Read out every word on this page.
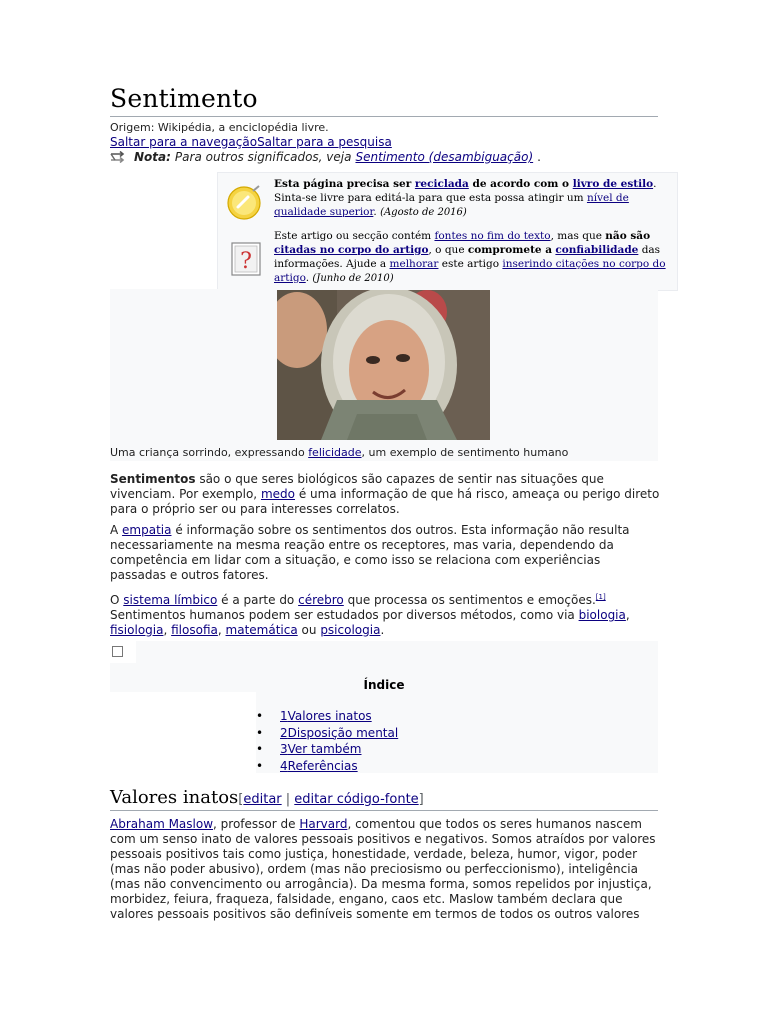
Sentimento
Origem: Wikipédia, a enciclopédia livre.
Saltar para a navegaçãoSaltar para a pesquisa
Nota: Para outros significados, veja Sentimento (desambiguação) .
Esta página precisa ser reciclada de acordo com o livro de estilo. Sinta-se livre para editá-la para que esta possa atingir um nível de qualidade superior. (Agosto de 2016)
?
Este artigo ou secção contém fontes no fim do texto, mas que não são citadas no corpo do artigo, o que compromete a confiabilidade das informações. Ajude a melhorar este artigo inserindo citações no corpo do artigo. (Junho de 2010)
Uma criança sorrindo, expressando felicidade, um exemplo de sentimento humano
Sentimentos são o que seres biológicos são capazes de sentir nas situações que vivenciam. Por exemplo, medo é uma informação de que há risco, ameaça ou perigo direto para o próprio ser ou para interesses correlatos.
A empatia é informação sobre os sentimentos dos outros. Esta informação não resulta necessariamente na mesma reação entre os receptores, mas varia, dependendo da competência em lidar com a situação, e como isso se relaciona com experiências passadas e outros fatores.
O sistema límbico é a parte do cérebro que processa os sentimentos e emoções.[1] Sentimentos humanos podem ser estudados por diversos métodos, como via biologia, fisiologia, filosofia, matemática ou psicologia.
Índice
• 1Valores inatos
• 2Disposição mental
• 3Ver também
• 4Referências
Valores inatos[editar | editar código-fonte]
Abraham Maslow, professor de Harvard, comentou que todos os seres humanos nascem com um senso inato de valores pessoais positivos e negativos. Somos atraídos por valores pessoais positivos tais como justiça, honestidade, verdade, beleza, humor, vigor, poder (mas não poder abusivo), ordem (mas não preciosismo ou perfeccionismo), inteligência (mas não convencimento ou arrogância). Da mesma forma, somos repelidos por injustiça, morbidez, feiura, fraqueza, falsidade, engano, caos etc. Maslow também declara que valores pessoais positivos são definíveis somente em termos de todos os outros valores
